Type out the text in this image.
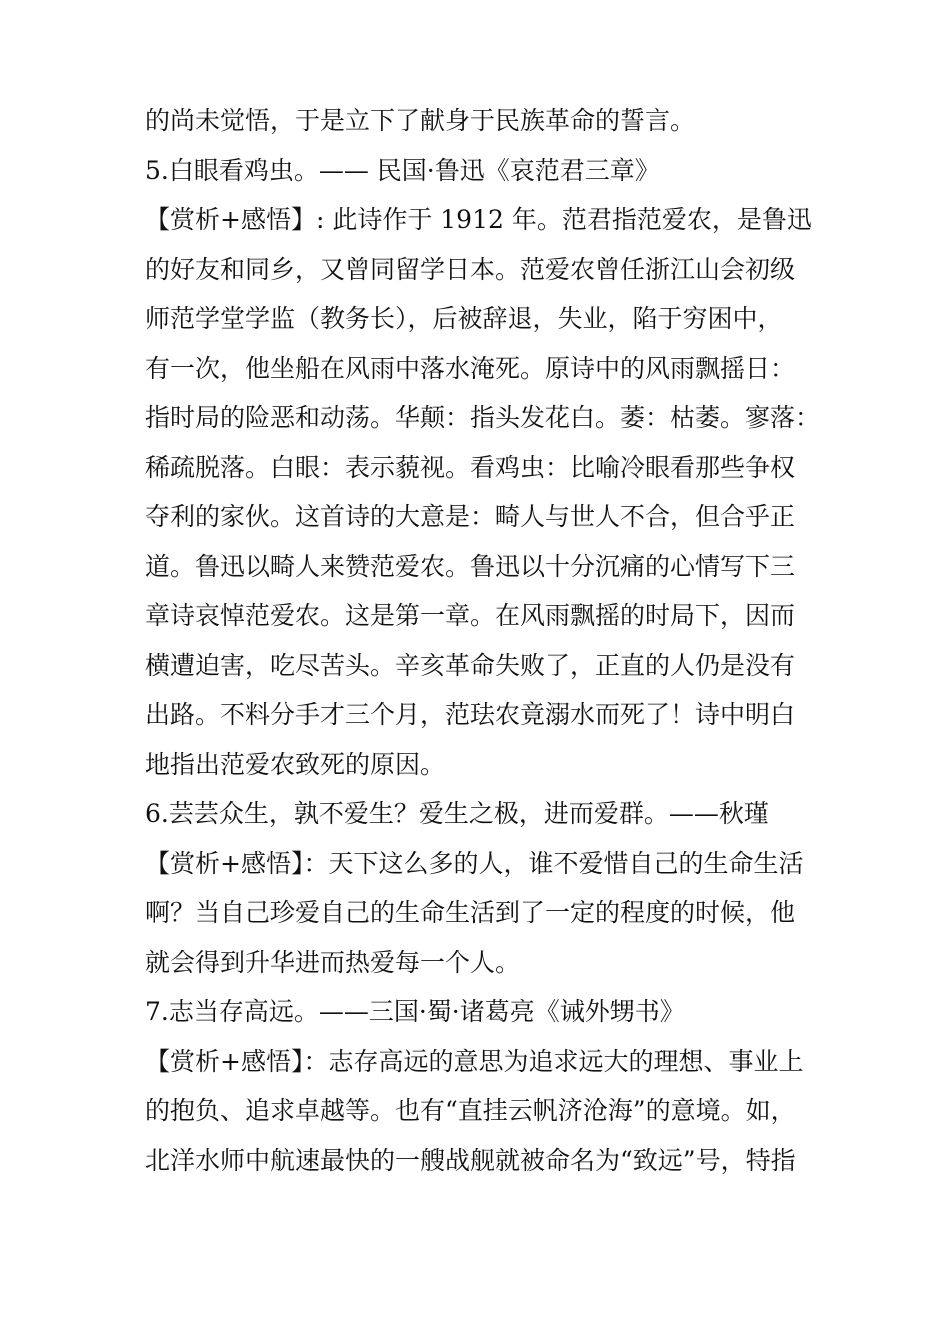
的尚未觉悟，于是立下了献身于民族革命的誓言。
5.白眼看鸡虫。—— 民国·鲁迅《哀范君三章》
【赏析+感悟】: 此诗作于 1912 年。范君指范爱农，是鲁迅
的好友和同乡，又曾同留学日本。范爱农曾任浙江山会初级
师范学堂学监（教务长），后被辞退，失业，陷于穷困中，
有一次，他坐船在风雨中落水淹死。原诗中的风雨飘摇日：
指时局的险恶和动荡。华颠：指头发花白。萎：枯萎。寥落：
稀疏脱落。白眼：表示藐视。看鸡虫：比喻冷眼看那些争权
夺利的家伙。这首诗的大意是：畸人与世人不合，但合乎正
道。鲁迅以畸人来赞范爱农。鲁迅以十分沉痛的心情写下三
章诗哀悼范爱农。这是第一章。在风雨飘摇的时局下，因而
横遭迫害，吃尽苦头。辛亥革命失败了，正直的人仍是没有
出路。不料分手才三个月，范珐农竟溺水而死了！诗中明白
地指出范爱农致死的原因。
6.芸芸众生，孰不爱生？爱生之极，进而爱群。——秋瑾
【赏析+感悟】：天下这么多的人，谁不爱惜自己的生命生活
啊？当自己珍爱自己的生命生活到了一定的程度的时候，他
就会得到升华进而热爱每一个人。
7.志当存高远。——三国·蜀·诸葛亮《诫外甥书》
【赏析+感悟】：志存高远的意思为追求远大的理想、事业上
的抱负、追求卓越等。也有“直挂云帆济沧海”的意境。如，
北洋水师中航速最快的一艘战舰就被命名为“致远”号，特指
